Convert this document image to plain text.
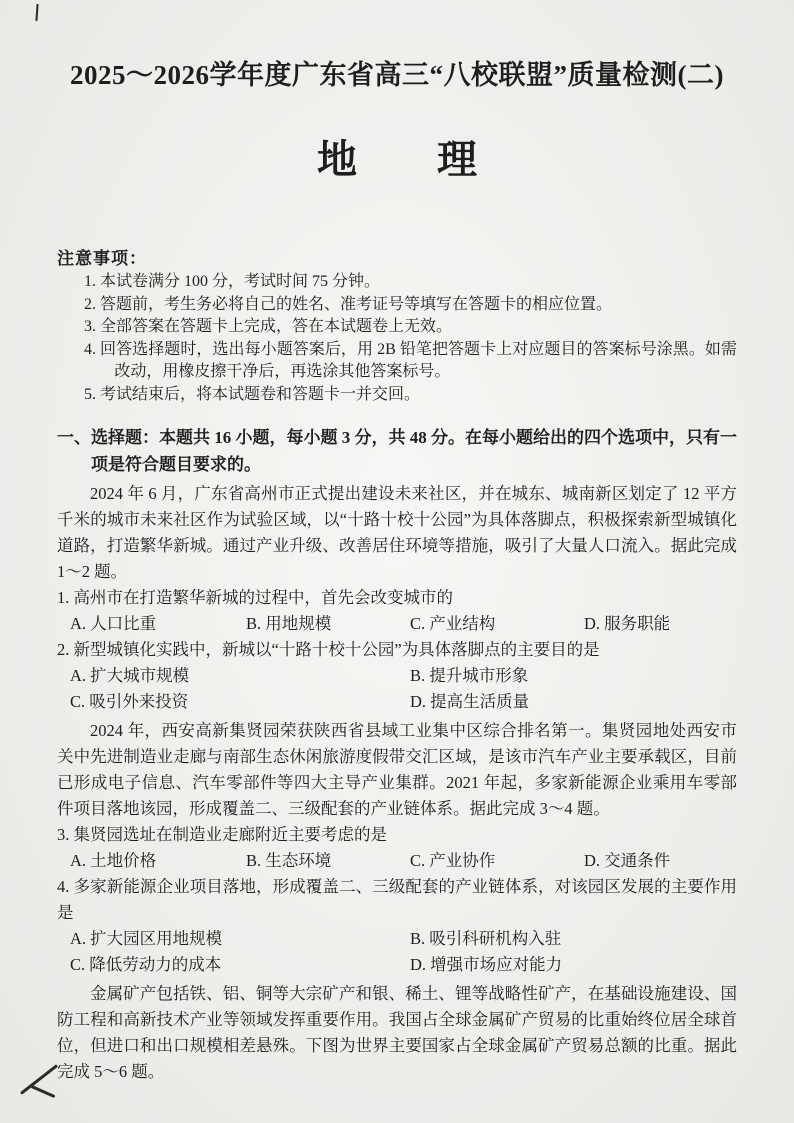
2025～2026学年度广东省高三“八校联盟”质量检测(二)
地　　理
注意事项：
1. 本试卷满分 100 分，考试时间 75 分钟。
2. 答题前，考生务必将自己的姓名、准考证号等填写在答题卡的相应位置。
3. 全部答案在答题卡上完成，答在本试题卷上无效。
4. 回答选择题时，选出每小题答案后，用 2B 铅笔把答题卡上对应题目的答案标号涂黑。如需改动，用橡皮擦干净后，再选涂其他答案标号。
5. 考试结束后，将本试题卷和答题卡一并交回。
一、选择题：本题共 16 小题，每小题 3 分，共 48 分。在每小题给出的四个选项中，只有一项是符合题目要求的。

2024 年 6 月，广东省高州市正式提出建设未来社区，并在城东、城南新区划定了 12 平方千米的城市未来社区作为试验区域，以“十路十校十公园”为具体落脚点，积极探索新型城镇化道路，打造繁华新城。通过产业升级、改善居住环境等措施，吸引了大量人口流入。据此完成 1～2 题。

1. 高州市在打造繁华新城的过程中，首先会改变城市的
A. 人口比重	B. 用地规模	C. 产业结构	D. 服务职能
2. 新型城镇化实践中，新城以“十路十校十公园”为具体落脚点的主要目的是
A. 扩大城市规模	B. 提升城市形象
C. 吸引外来投资	D. 提高生活质量

2024 年，西安高新集贤园荣获陕西省县域工业集中区综合排名第一。集贤园地处西安市关中先进制造业走廊与南部生态休闲旅游度假带交汇区域，是该市汽车产业主要承载区，目前已形成电子信息、汽车零部件等四大主导产业集群。2021 年起，多家新能源企业乘用车零部件项目落地该园，形成覆盖二、三级配套的产业链体系。据此完成 3～4 题。

3. 集贤园选址在制造业走廊附近主要考虑的是
A. 土地价格	B. 生态环境	C. 产业协作	D. 交通条件
4. 多家新能源企业项目落地，形成覆盖二、三级配套的产业链体系，对该园区发展的主要作用是
A. 扩大园区用地规模	B. 吸引科研机构入驻
C. 降低劳动力的成本	D. 增强市场应对能力

金属矿产包括铁、铝、铜等大宗矿产和银、稀土、锂等战略性矿产，在基础设施建设、国防工程和高新技术产业等领域发挥重要作用。我国占全球金属矿产贸易的比重始终位居全球首位，但进口和出口规模相差悬殊。下图为世界主要国家占全球金属矿产贸易总额的比重。据此完成 5～6 题。
